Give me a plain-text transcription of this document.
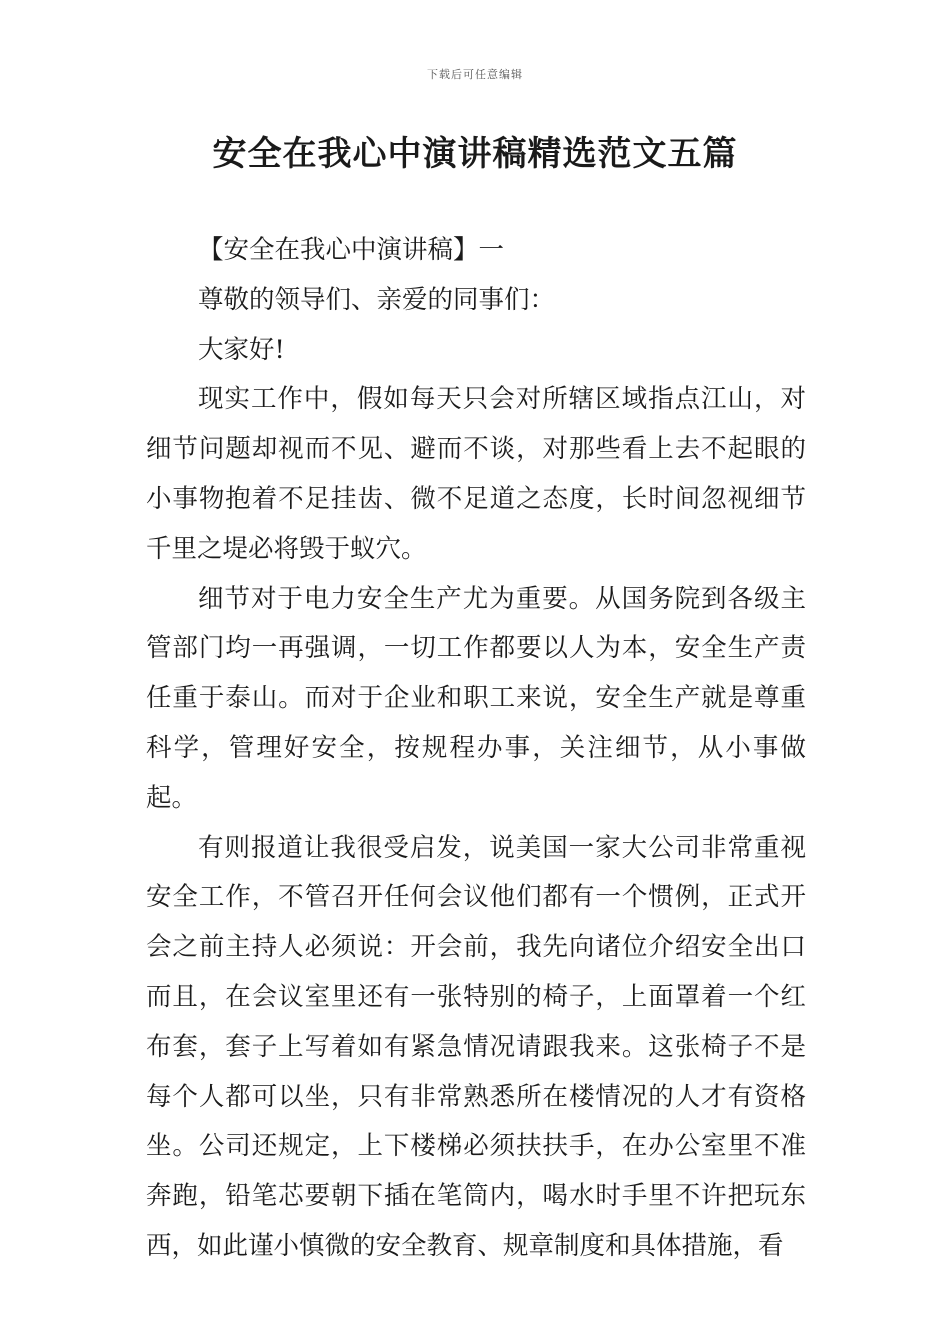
下载后可任意编辑
安全在我心中演讲稿精选范文五篇

【安全在我心中演讲稿】一

尊敬的领导们、亲爱的同事们：

大家好!

现实工作中，假如每天只会对所辖区域指点江山，对细节问题却视而不见、避而不谈，对那些看上去不起眼的小事物抱着不足挂齿、微不足道之态度，长时间忽视细节千里之堤必将毁于蚁穴。

细节对于电力安全生产尤为重要。从国务院到各级主管部门均一再强调，一切工作都要以人为本，安全生产责任重于泰山。而对于企业和职工来说，安全生产就是尊重科学，管理好安全，按规程办事，关注细节，从小事做起。

有则报道让我很受启发，说美国一家大公司非常重视安全工作，不管召开任何会议他们都有一个惯例，正式开会之前主持人必须说：开会前，我先向诸位介绍安全出口而且，在会议室里还有一张特别的椅子，上面罩着一个红布套，套子上写着如有紧急情况请跟我来。这张椅子不是每个人都可以坐，只有非常熟悉所在楼情况的人才有资格坐。公司还规定，上下楼梯必须扶扶手，在办公室里不准奔跑，铅笔芯要朝下插在笔筒内，喝水时手里不许把玩东西，如此谨小慎微的安全教育、规章制度和具体措施，看
